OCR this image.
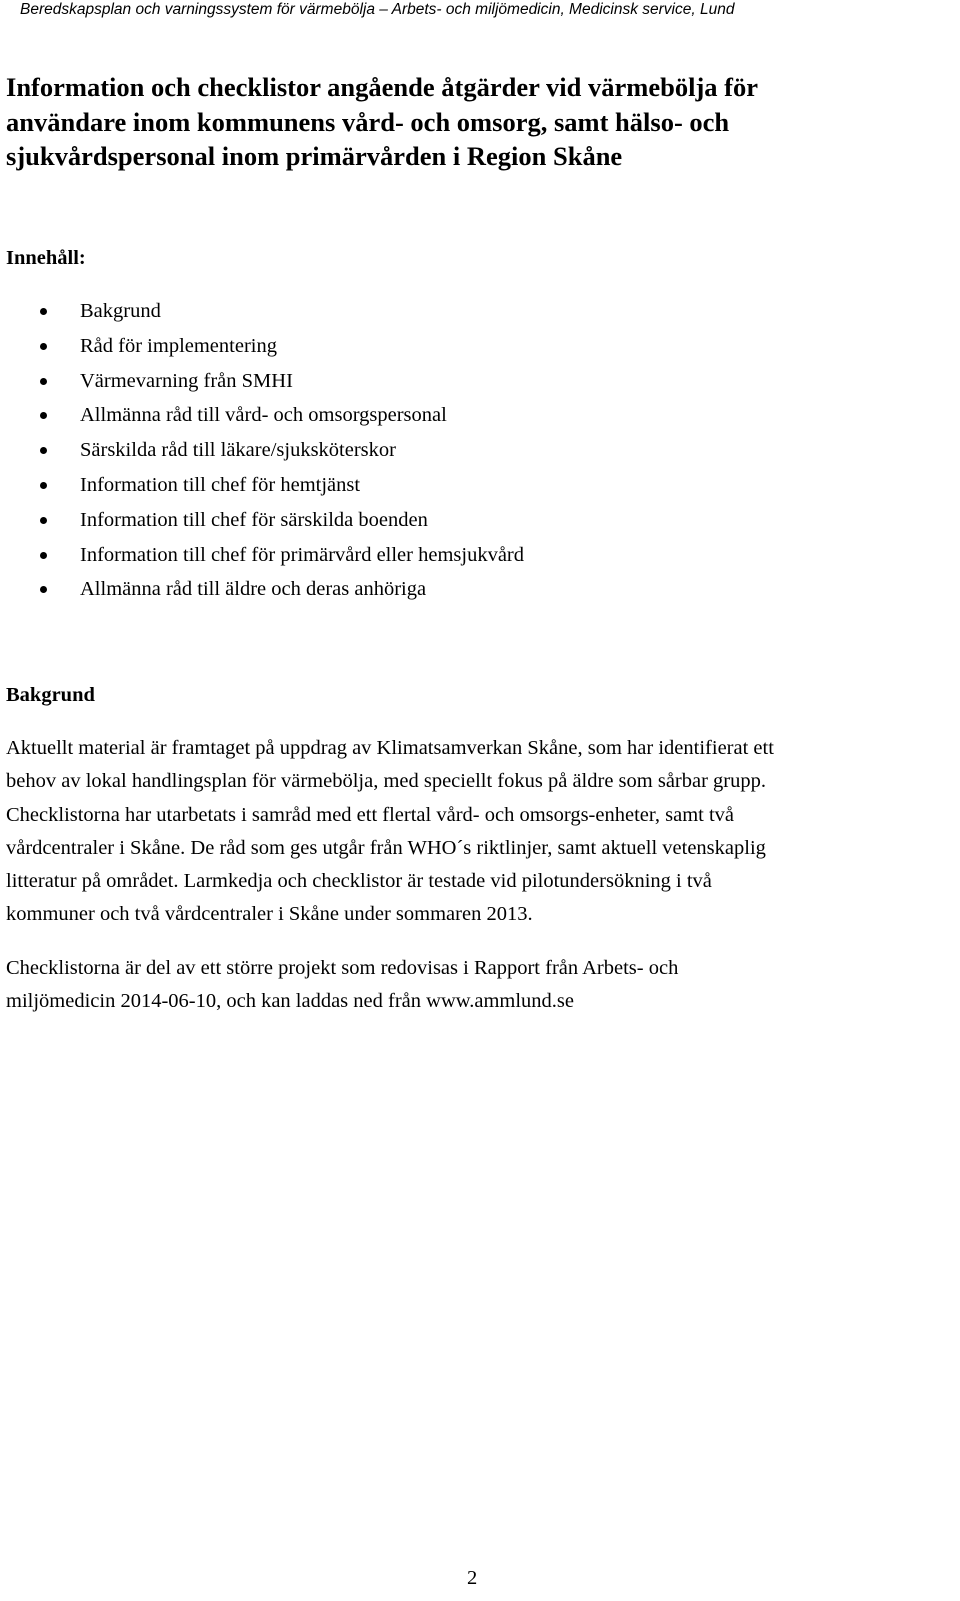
Beredskapsplan och varningssystem för värmebölja – Arbets- och miljömedicin, Medicinsk service, Lund
Information och checklistor angående åtgärder vid värmebölja för
användare inom kommunens vård- och omsorg, samt hälso- och
sjukvårdspersonal inom primärvården i Region Skåne
Innehåll:
Bakgrund
Råd för implementering
Värmevarning från SMHI
Allmänna råd till vård- och omsorgspersonal
Särskilda råd till läkare/sjuksköterskor
Information till chef för hemtjänst
Information till chef för särskilda boenden
Information till chef för primärvård eller hemsjukvård
Allmänna råd till äldre och deras anhöriga
Bakgrund

Aktuellt material är framtaget på uppdrag av Klimatsamverkan Skåne, som har identifierat ett
behov av lokal handlingsplan för värmebölja, med speciellt fokus på äldre som sårbar grupp.
Checklistorna har utarbetats i samråd med ett flertal vård- och omsorgs-enheter, samt två
vårdcentraler i Skåne. De råd som ges utgår från WHO´s riktlinjer, samt aktuell vetenskaplig
litteratur på området. Larmkedja och checklistor är testade vid pilotundersökning i två
kommuner och två vårdcentraler i Skåne under sommaren 2013.

Checklistorna är del av ett större projekt som redovisas i Rapport från Arbets- och
miljömedicin 2014-06-10, och kan laddas ned från www.ammlund.se

2
